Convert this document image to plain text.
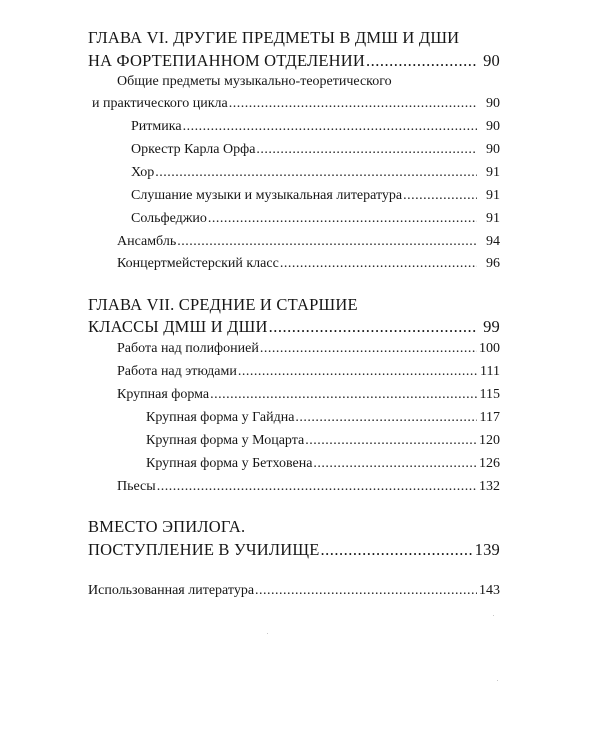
ГЛАВА VI. ДРУГИЕ ПРЕДМЕТЫ В ДМШ И ДШИ
НА ФОРТЕПИАННОМ ОТДЕЛЕНИИ .....	90
Общие предметы музыкально-теоретического
и практического цикла .....	90
Ритмика .....	90
Оркестр Карла Орфа .....	90
Хор .....	91
Слушание музыки и музыкальная литература .....	91
Сольфеджио .....	91
Ансамбль .....	94
Концертмейстерский класс .....	96
ГЛАВА VII. СРЕДНИЕ И СТАРШИЕ
КЛАССЫ ДМШ И ДШИ .....	99
Работа над полифонией .....	100
Работа над этюдами .....	111
Крупная форма .....	115
Крупная форма у Гайдна .....	117
Крупная форма у Моцарта .....	120
Крупная форма у Бетховена .....	126
Пьесы .....	132
ВМЕСТО ЭПИЛОГА.
ПОСТУПЛЕНИЕ В УЧИЛИЩЕ .....	139
Использованная литература .....	143
